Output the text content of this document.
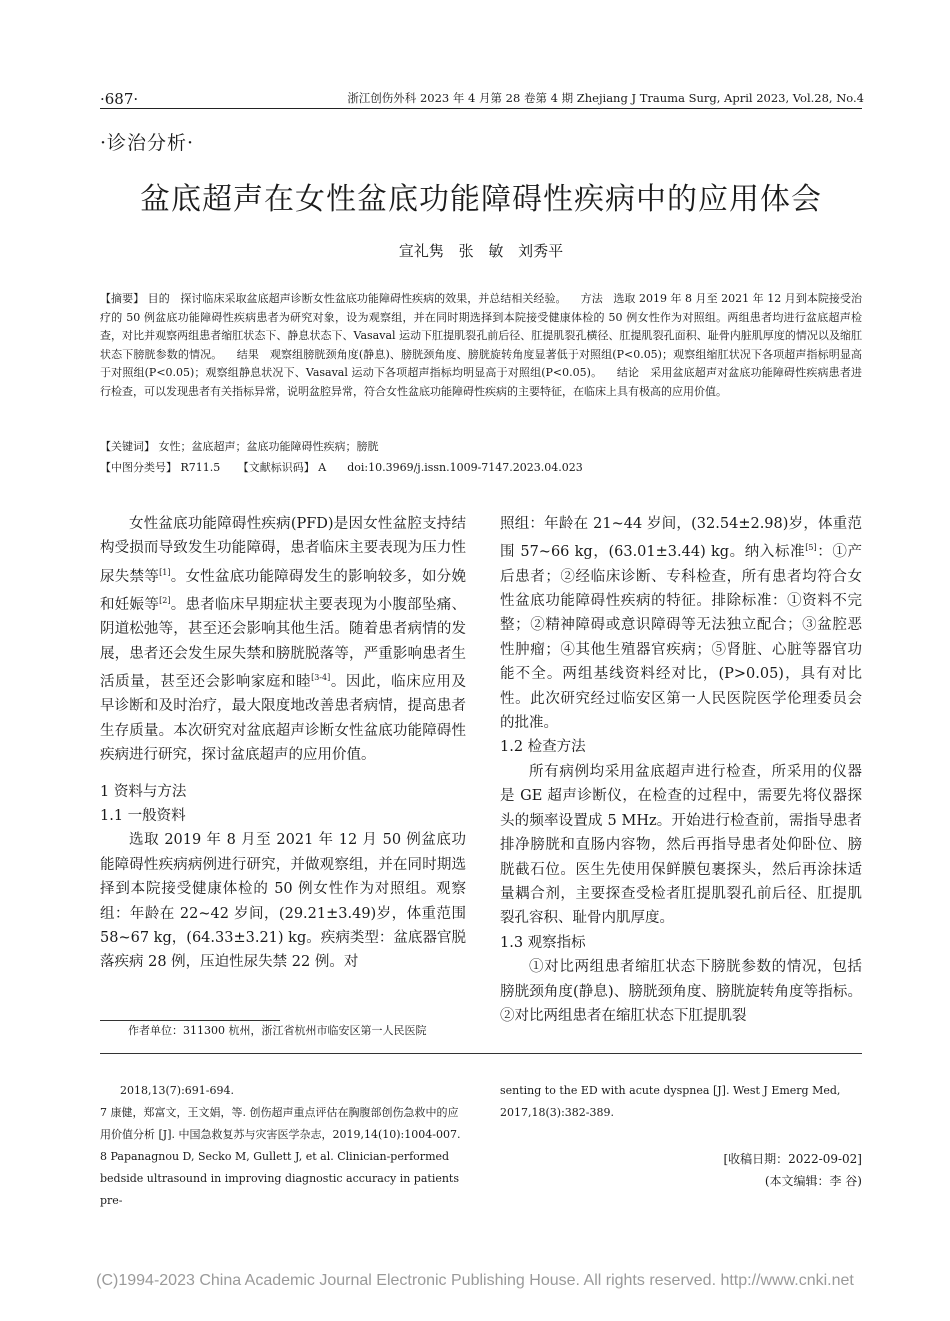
·687·	浙江创伤外科 2023 年 4 月第 28 卷第 4 期 Zhejiang J Trauma Surg, April 2023, Vol.28, No.4
·诊治分析·
盆底超声在女性盆底功能障碍性疾病中的应用体会
宣礼隽 张 敏 刘秀平
【摘要】 目的 探讨临床采取盆底超声诊断女性盆底功能障碍性疾病的效果，并总结相关经验。 方法 选取 2019 年 8 月至 2021 年 12 月到本院接受治疗的 50 例盆底功能障碍性疾病患者为研究对象，设为观察组，并在同时期选择到本院接受健康体检的 50 例女性作为对照组。两组患者均进行盆底超声检查，对比并观察两组患者缩肛状态下、静息状态下、Vasaval 运动下肛提肌裂孔前后径、肛提肌裂孔横径、肛提肌裂孔面积、耻骨内脏肌厚度的情况以及缩肛状态下膀胱参数的情况。 结果 观察组膀胱颈角度(静息)、膀胱颈角度、膀胱旋转角度显著低于对照组(P<0.05)；观察组缩肛状况下各项超声指标明显高于对照组(P<0.05)；观察组静息状况下、Vasaval 运动下各项超声指标均明显高于对照组(P<0.05)。 结论 采用盆底超声对盆底功能障碍性疾病患者进行检查，可以发现患者有关指标异常，说明盆腔异常，符合女性盆底功能障碍性疾病的主要特征，在临床上具有极高的应用价值。
【关键词】 女性；盆底超声；盆底功能障碍性疾病；膀胱
【中图分类号】 R711.5 【文献标识码】 A doi:10.3969/j.issn.1009-7147.2023.04.023

女性盆底功能障碍性疾病(PFD)是因女性盆腔支持结构受损而导致发生功能障碍，患者临床主要表现为压力性尿失禁等[1]。女性盆底功能障碍发生的影响较多，如分娩和妊娠等[2]。患者临床早期症状主要表现为小腹部坠痛、阴道松弛等，甚至还会影响其他生活。随着患者病情的发展，患者还会发生尿失禁和膀胱脱落等，严重影响患者生活质量，甚至还会影响家庭和睦[3-4]。因此，临床应用及早诊断和及时治疗，最大限度地改善患者病情，提高患者生存质量。本次研究对盆底超声诊断女性盆底功能障碍性疾病进行研究，探讨盆底超声的应用价值。

1 资料与方法

1.1 一般资料

选取 2019 年 8 月至 2021 年 12 月 50 例盆底功能障碍性疾病病例进行研究，并做观察组，并在同时期选择到本院接受健康体检的 50 例女性作为对照组。观察组：年龄在 22~42 岁间，(29.21±3.49)岁，体重范围 58~67 kg，(64.33±3.21) kg。疾病类型：盆底器官脱落疾病 28 例，压迫性尿失禁 22 例。对

作者单位：311300 杭州，浙江省杭州市临安区第一人民医院

照组：年龄在 21~44 岁间，(32.54±2.98)岁，体重范围 57~66 kg，(63.01±3.44) kg。纳入标准[5]：①产后患者；②经临床诊断、专科检查，所有患者均符合女性盆底功能障碍性疾病的特征。排除标准：①资料不完整；②精神障碍或意识障碍等无法独立配合；③盆腔恶性肿瘤；④其他生殖器官疾病；⑤肾脏、心脏等器官功能不全。两组基线资料经对比，(P>0.05)，具有对比性。此次研究经过临安区第一人民医院医学伦理委员会的批准。

1.2 检查方法

所有病例均采用盆底超声进行检查，所采用的仪器是 GE 超声诊断仪，在检查的过程中，需要先将仪器探头的频率设置成 5 MHz。开始进行检查前，需指导患者排净膀胱和直肠内容物，然后再指导患者处仰卧位、膀胱截石位。医生先使用保鲜膜包裹探头，然后再涂抹适量耦合剂，主要探查受检者肛提肌裂孔前后径、肛提肌裂孔容积、耻骨内肌厚度。

1.3 观察指标

①对比两组患者缩肛状态下膀胱参数的情况，包括膀胱颈角度(静息)、膀胱颈角度、膀胱旋转角度等指标。②对比两组患者在缩肛状态下肛提肌裂

2018,13(7):691-694.

7 康健，郑富文，王文娟，等. 创伤超声重点评估在胸腹部创伤急救中的应用价值分析 [J]. 中国急救复苏与灾害医学杂志，2019,14(10):1004-007.

8 Papanagnou D, Secko M, Gullett J, et al. Clinician-performed bedside ultrasound in improving diagnostic accuracy in patients pre-

senting to the ED with acute dyspnea [J]. West J Emerg Med, 2017,18(3):382-389.

[收稿日期：2022-09-02]
(本文编辑：李 谷)
(C)1994-2023 China Academic Journal Electronic Publishing House. All rights reserved. http://www.cnki.net
